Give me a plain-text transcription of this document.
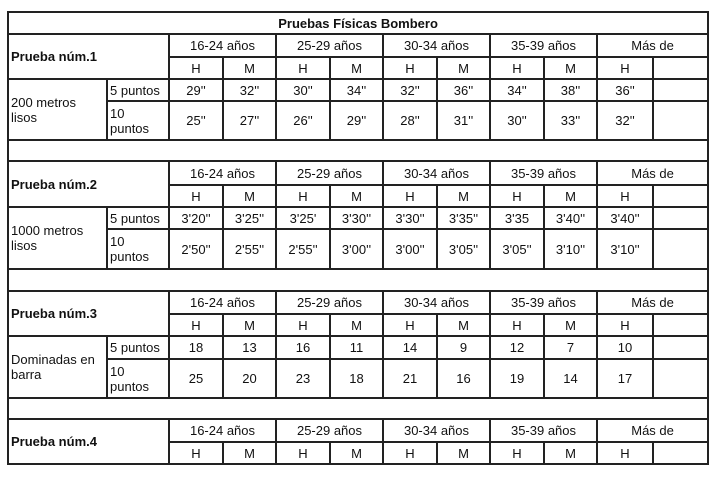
Pruebas Físicas Bombero											
Prueba núm.1		16-24 años		25-29 años		30-34 años		35-39 años		Más de	
		H	M	H	M	H	M	H	M	H	
200 metros lisos	5 puntos	29''	32''	30''	34''	32''	36''	34''	38''	36''	
	10 puntos	25''	27''	26''	29''	28''	31''	30''	33''	32''	

Prueba núm.2		16-24 años		25-29 años		30-34 años		35-39 años		Más de	
		H	M	H	M	H	M	H	M	H	
1000 metros lisos	5 puntos	3'20''	3'25''	3'25'	3'30''	3'30''	3'35''	3'35	3'40''	3'40''	
	10 puntos	2'50''	2'55''	2'55''	3'00''	3'00''	3'05''	3'05''	3'10''	3'10''	

Prueba núm.3		16-24 años		25-29 años		30-34 años		35-39 años		Más de	
		H	M	H	M	H	M	H	M	H	
Dominadas en barra	5 puntos	18	13	16	11	14	9	12	7	10	
	10 puntos	25	20	23	18	21	16	19	14	17	

Prueba núm.4		16-24 años		25-29 años		30-34 años		35-39 años		Más de	
		H	M	H	M	H	M	H	M	H	
